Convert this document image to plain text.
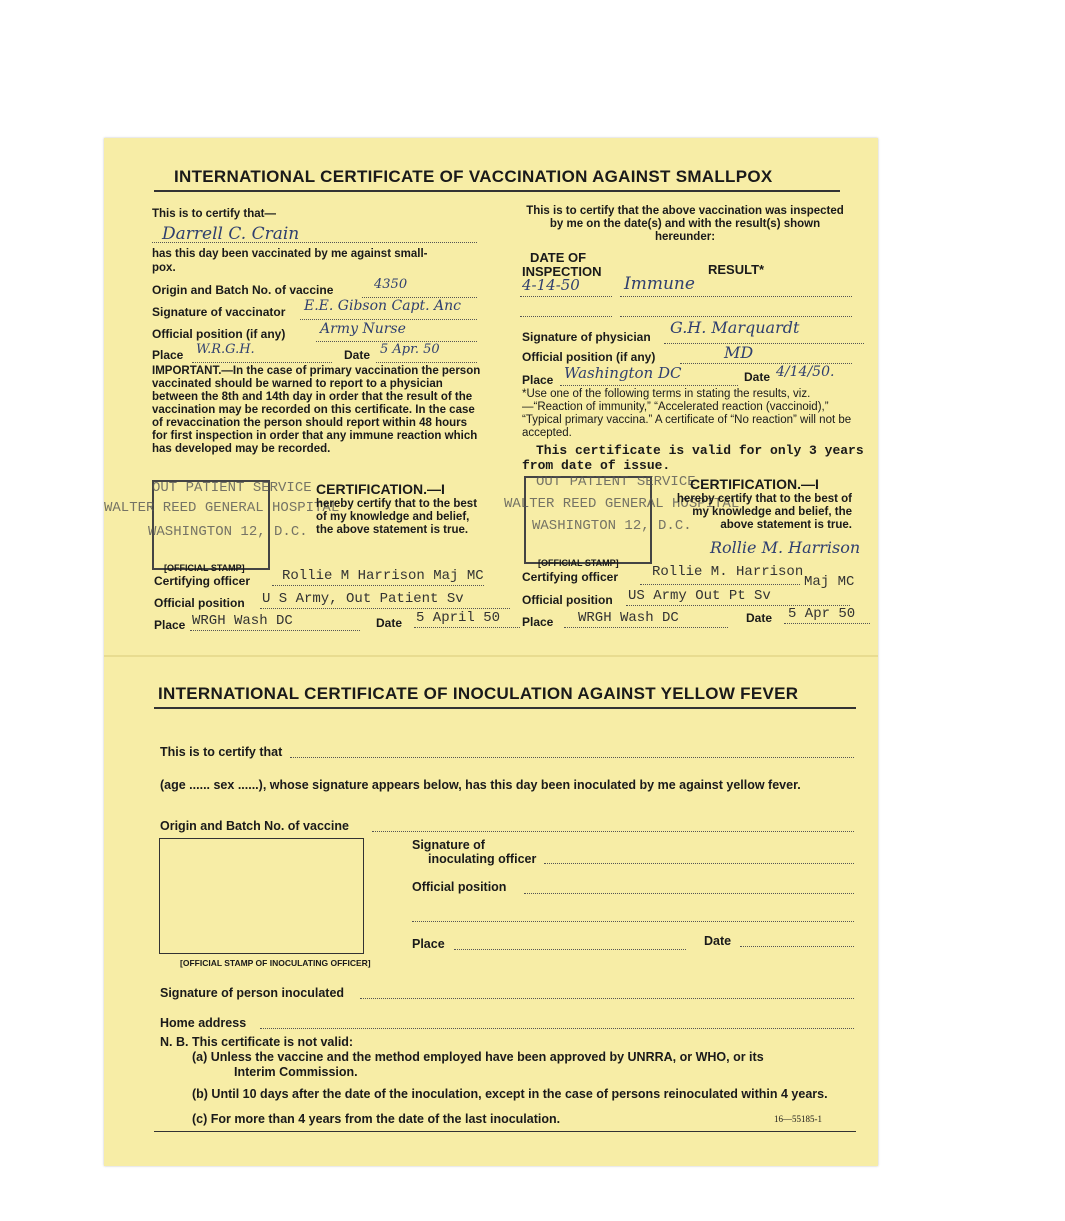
INTERNATIONAL CERTIFICATE OF VACCINATION AGAINST SMALLPOX
This is to certify that—
Darrell C. Crain
has this day been vaccinated by me against small-
pox.
Origin and Batch No. of vaccine	4350
Signature of vaccinator E.E. Gibson Capt. Anc
Official position (if any) Army Nurse
Place W.R.G.H.	Date 5 Apr. 50
IMPORTANT.—In the case of primary vaccination the person vaccinated should be warned to report to a physician between the 8th and 14th day in order that the result of the vaccination may be recorded on this certificate. In the case of revaccination the person should report within 48 hours for first inspection in order that any immune reaction which has developed may be recorded.
OUT PATIENT SERVICE
WALTER REED GENERAL HOSPITAL
WASHINGTON 12, D.C.
[OFFICIAL STAMP]
CERTIFICATION.—I
hereby certify that to the best of my knowledge and belief, the above statement is true.
Certifying officer Rollie M Harrison Maj MC
Official position U S Army, Out Patient Sv
Place WRGH Wash DC	Date 5 April 50
This is to certify that the above vaccination was inspected by me on the date(s) and with the result(s) shown hereunder:
DATE OF
INSPECTION	RESULT*
4-14-50	Immune
Signature of physician G.H. Marquardt
Official position (if any)	MD
Place Washington DC	Date 4/14/50.
*Use one of the following terms in stating the results, viz.—“Reaction of immunity,” “Accelerated reaction (vaccinoid),” “Typical primary vaccina.” A certificate of “No reaction” will not be accepted.
This certificate is valid for only 3 years
from date of issue.
OUT PATIENT SERVICE
WALTER REED GENERAL HOSPITAL
WASHINGTON 12, D.C.
[OFFICIAL STAMP]
CERTIFICATION.—I
hereby certify that to the best of my knowledge and belief, the above statement is true.
Rollie M. Harrison
Certifying officer Rollie M. Harrison
Maj MC
Official position US Army Out Pt Sv
Place WRGH Wash DC	Date 5 Apr 50
INTERNATIONAL CERTIFICATE OF INOCULATION AGAINST YELLOW FEVER
This is to certify that
(age ...... sex ......), whose signature appears below, has this day been inoculated by me against yellow fever.
Origin and Batch No. of vaccine
[OFFICIAL STAMP OF INOCULATING OFFICER]
Signature of
inoculating officer
Official position
Place	Date
Signature of person inoculated
Home address
N. B. This certificate is not valid:
(a) Unless the vaccine and the method employed have been approved by UNRRA, or WHO, or its
Interim Commission.
(b) Until 10 days after the date of the inoculation, except in the case of persons reinoculated within 4 years.
(c) For more than 4 years from the date of the last inoculation.	16—55185-1
